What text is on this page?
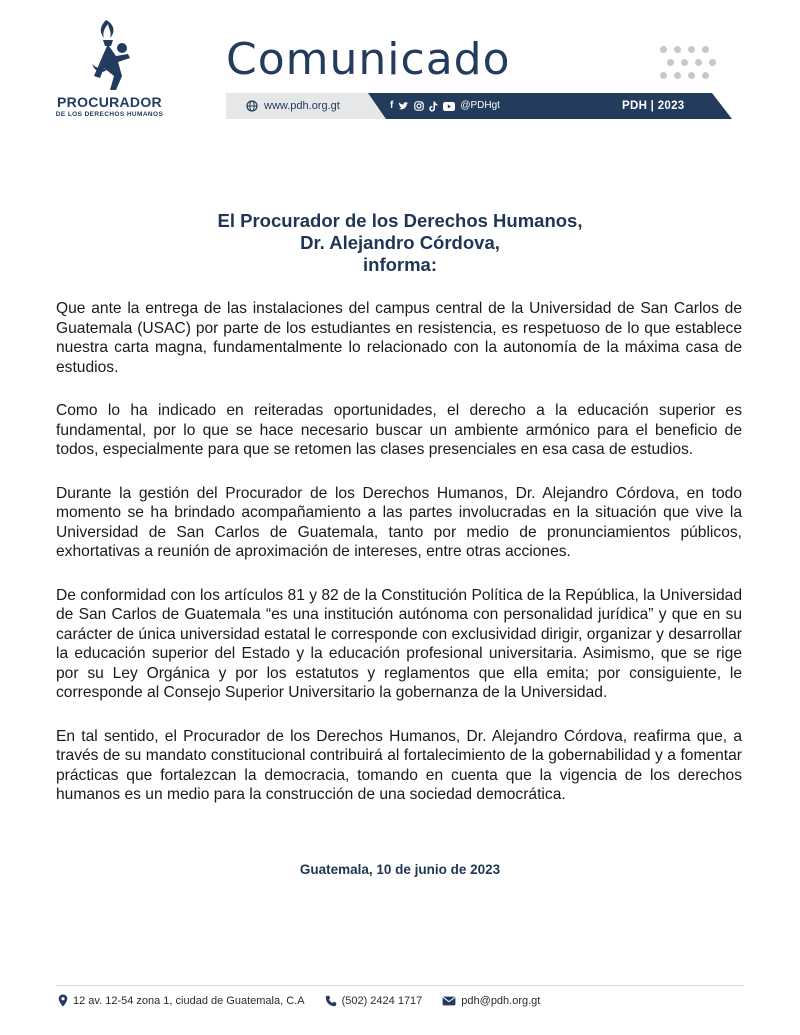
PROCURADOR
DE LOS DERECHOS HUMANOS
Comunicado
www.pdh.org.gt	f	@PDHgt	PDH | 2023
El Procurador de los Derechos Humanos,
Dr. Alejandro Córdova,
informa:

Que ante la entrega de las instalaciones del campus central de la Universidad de San Carlos de Guatemala (USAC) por parte de los estudiantes en resistencia, es respetuoso de lo que establece nuestra carta magna, fundamentalmente lo relacionado con la autonomía de la máxima casa de estudios.

Como lo ha indicado en reiteradas oportunidades, el derecho a la educación superior es fundamental, por lo que se hace necesario buscar un ambiente armónico para el beneficio de todos, especialmente para que se retomen las clases presenciales en esa casa de estudios.

Durante la gestión del Procurador de los Derechos Humanos, Dr. Alejandro Córdova, en todo momento se ha brindado acompañamiento a las partes involucradas en la situación que vive la Universidad de San Carlos de Guatemala, tanto por medio de pronunciamientos públicos, exhortativas a reunión de aproximación de intereses, entre otras acciones.

De conformidad con los artículos 81 y 82 de la Constitución Política de la República, la Universidad de San Carlos de Guatemala “es una institución autónoma con personalidad jurídica” y que en su carácter de única universidad estatal le corresponde con exclusividad dirigir, organizar y desarrollar la educación superior del Estado y la educación profesional universitaria. Asimismo, que se rige por su Ley Orgánica y por los estatutos y reglamentos que ella emita; por consiguiente, le corresponde al Consejo Superior Universitario la gobernanza de la Universidad.

En tal sentido, el Procurador de los Derechos Humanos, Dr. Alejandro Córdova, reafirma que, a través de su mandato constitucional contribuirá al fortalecimiento de la gobernabilidad y a fomentar prácticas que fortalezcan la democracia, tomando en cuenta que la vigencia de los derechos humanos es un medio para la construcción de una sociedad democrática.

Guatemala, 10 de junio de 2023
12 av. 12-54 zona 1, ciudad de Guatemala, C.A	(502) 2424 1717	pdh@pdh.org.gt
